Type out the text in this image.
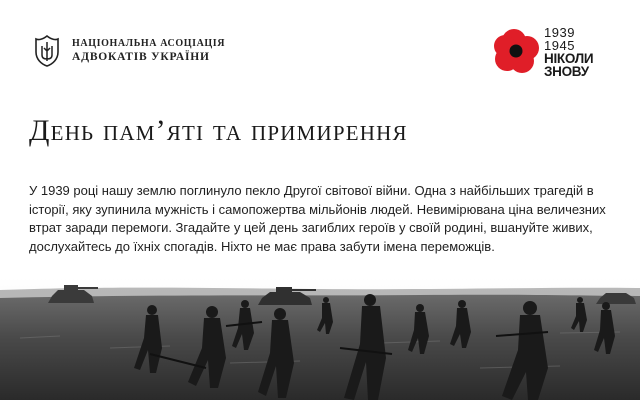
НАЦІОНАЛЬНА АСОЦІАЦІЯ
АДВОКАТІВ УКРАЇНИ
1939
1945
НІКОЛИ
ЗНОВУ
День пам’яті та примирення

У 1939 році нашу землю поглинуло пекло Другої світової війни. Одна з найбільших трагедій в історії, яку зупинила мужність і самопожертва мільйонів людей. Невимірювана ціна величезних втрат заради перемоги. Згадайте у цей день загиблих героїв у своїй родині, вшануйте живих, дослухайтесь до їхніх спогадів. Ніхто не має права забути імена переможців.
